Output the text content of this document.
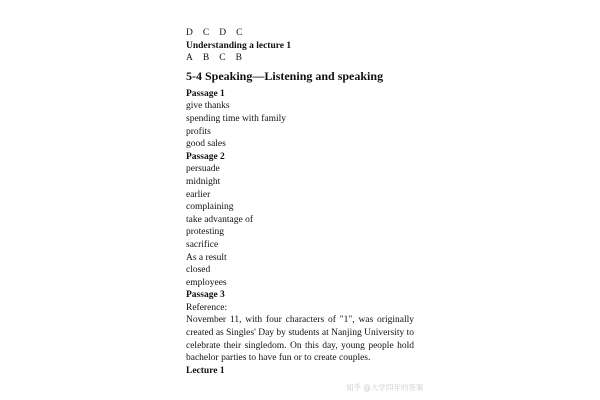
D C D C
Understanding a lecture 1
A B C B
5-4 Speaking—Listening and speaking
Passage 1
give thanks
spending time with family
profits
good sales
Passage 2
persuade
midnight
earlier
complaining
take advantage of
protesting
sacrifice
As a result
closed
employees
Passage 3
Reference:
November 11, with four characters of "1", was originally created as Singles' Day by students at Nanjing University to celebrate their singledom. On this day, young people hold bachelor parties to have fun or to create couples.
Lecture 1
知乎 @大学四年的答案
